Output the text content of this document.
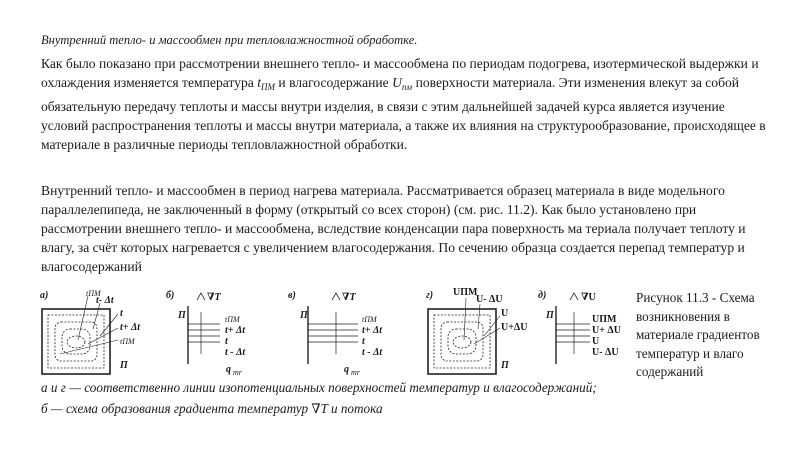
Внутренний тепло- и массообмен при тепловлажностной обработке.

Как было показано при рассмотрении внешнего тепло- и массообмена по периодам подогрева, изотермической выдержки и охлаждения изменяется температура $t_{ПМ}$ и влагосодержание $U_{пм}$ поверхности материала. Эти изменения влекут за собой обязательную передачу теплоты и массы внутри изделия, в связи с этим дальнейшей задачей курса является изучение условий распространения теплоты и массы внутри материала, а также их влияния на структурообразование, происходящее в материале в различные периоды тепловлажностной обработки.

Внутренний тепло- и массообмен в период нагрева материала. Рассматривается образец материала в виде модельного параллелепипеда, не заключенный в форму (открытый со всех сторон) (см. рис. 11.2). Как было установлено при рассмотрении внешнего тепло- и массообмена, вследствие конденсации пара поверхность ма териала получает теплоту и влагу, за счёт которых нагревается с увеличением влагосодержания. По сечению образца создается перепад температур и влагосодержаний

а)	tПМ
t- Δt
t
t+ Δt
tПМ
П
б)	∇T
П	tПМ
t+ Δt
t
t - Δt
q mr
в)	∇T
П	tПМ
t+ Δt
t
t - Δt
q mr
г) UПМ
U- ΔU
U
U+ΔU
П
д)	∇U
П	UПМ
U+ ΔU
U
U- ΔU
Рисунок 11.3 - Схема возникновения в материале градиентов температур и влаго содержаний
а и г — соответственно линии изопотенциальных поверхностей температур и влагосодержаний; б — схема образования градиента температур ∇T и потока
